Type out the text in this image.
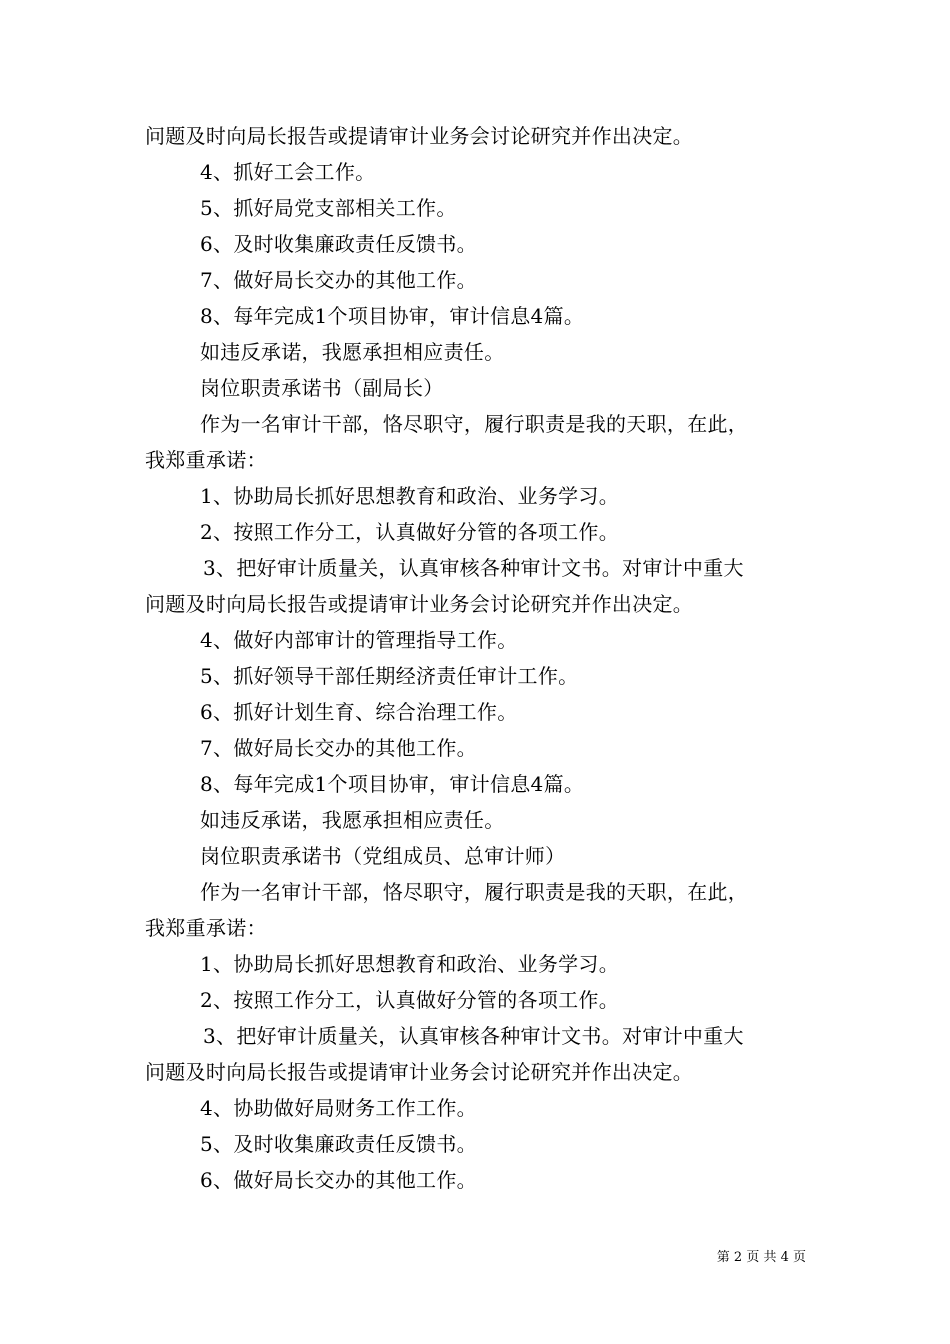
问题及时向局长报告或提请审计业务会讨论研究并作出决定。
4、抓好工会工作。
5、抓好局党支部相关工作。
6、及时收集廉政责任反馈书。
7、做好局长交办的其他工作。
8、每年完成1个项目协审，审计信息4篇。
如违反承诺，我愿承担相应责任。
岗位职责承诺书（副局长）
作为一名审计干部，恪尽职守，履行职责是我的天职，在此，
我郑重承诺：
1、协助局长抓好思想教育和政治、业务学习。
2、按照工作分工，认真做好分管的各项工作。
3、把好审计质量关，认真审核各种审计文书。对审计中重大
问题及时向局长报告或提请审计业务会讨论研究并作出决定。
4、做好内部审计的管理指导工作。
5、抓好领导干部任期经济责任审计工作。
6、抓好计划生育、综合治理工作。
7、做好局长交办的其他工作。
8、每年完成1个项目协审，审计信息4篇。
如违反承诺，我愿承担相应责任。
岗位职责承诺书（党组成员、总审计师）
作为一名审计干部，恪尽职守，履行职责是我的天职，在此，
我郑重承诺：
1、协助局长抓好思想教育和政治、业务学习。
2、按照工作分工，认真做好分管的各项工作。
3、把好审计质量关，认真审核各种审计文书。对审计中重大
问题及时向局长报告或提请审计业务会讨论研究并作出决定。
4、协助做好局财务工作工作。
5、及时收集廉政责任反馈书。
6、做好局长交办的其他工作。
第 2 页 共 4 页
